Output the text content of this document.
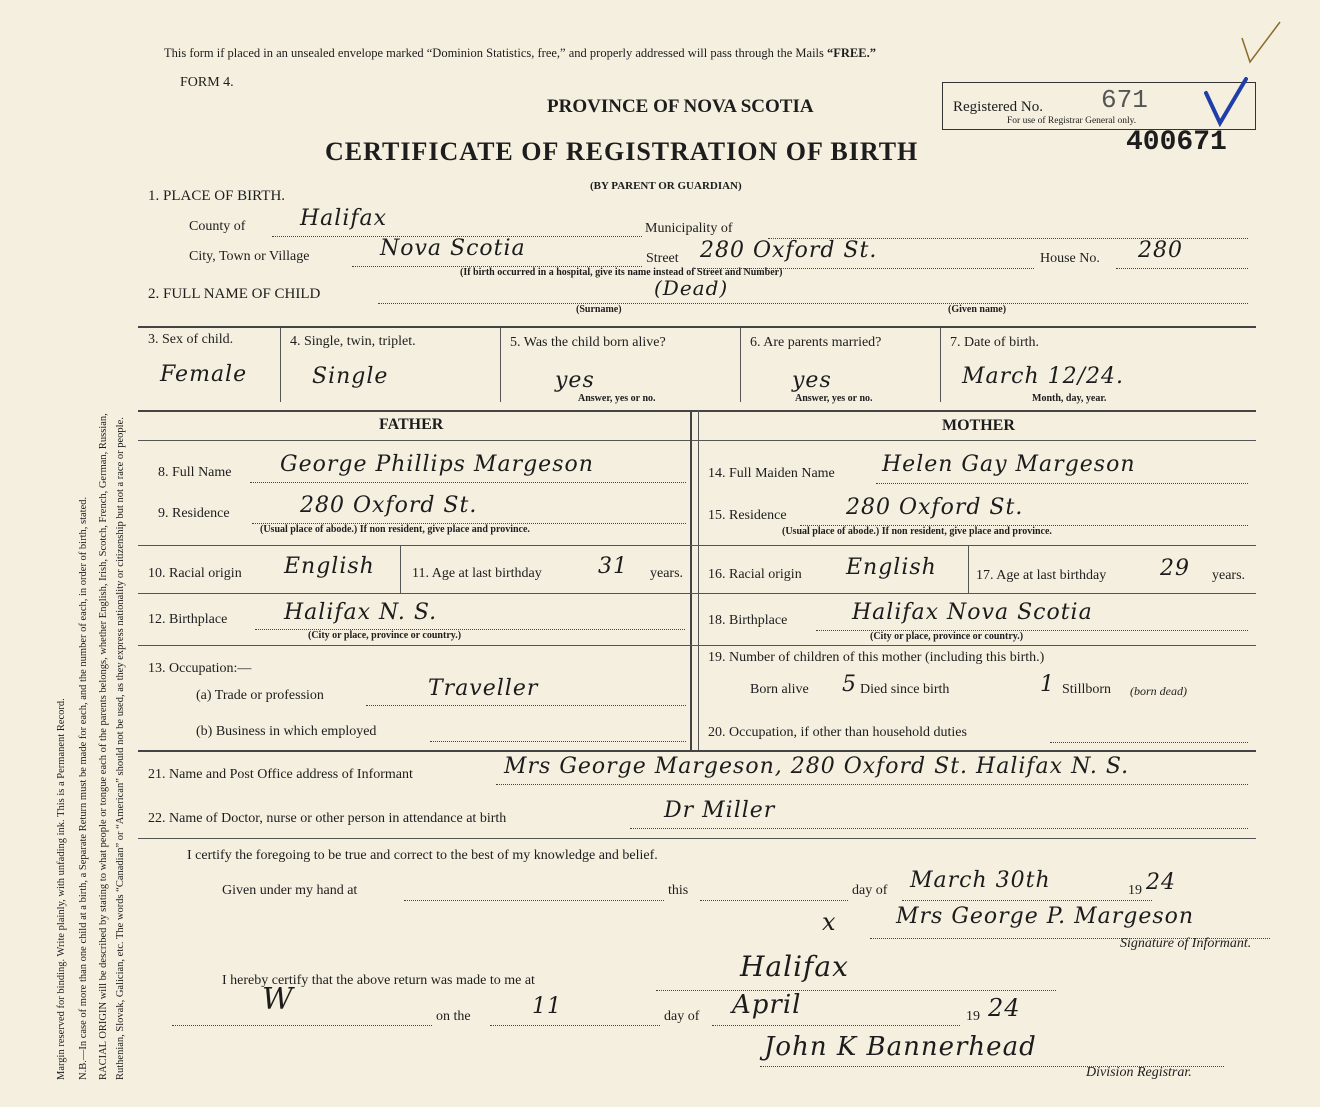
Margin reserved for binding. Write plainly, with unfading ink. This is a Permanent Record. N.B.—In case of more than one child at a birth, a Separate Return must be made for each, and the number of each, in order of birth, stated. RACIAL ORIGIN will be described by stating to what people or tongue each of the parents belongs, whether English, Irish, Scotch, French, German, Russian, Ruthenian, Slovak, Galician, etc. The words “Canadian” or “American” should not be used, as they express nationality or citizenship but not a race or people.
This form if placed in an unsealed envelope marked “Dominion Statistics, free,” and properly addressed will pass through the Mails “FREE.”
FORM 4.
PROVINCE OF NOVA SCOTIA
CERTIFICATE OF REGISTRATION OF BIRTH
(BY PARENT OR GUARDIAN)
Registered No. 671
For use of Registrar General only.
400671
1. PLACE OF BIRTH.
County of Halifax	Municipality of
City, Town or Village	Nova Scotia	Street 280 Oxford St.	House No. 280
(If birth occurred in a hospital, give its name instead of Street and Number)
2. FULL NAME OF CHILD	(Dead)
(Surname)	(Given name)
3. Sex of child.
Female
4. Single, twin, triplet.
Single
5. Was the child born alive?
yes
Answer, yes or no.
6. Are parents married?
yes
Answer, yes or no.
7. Date of birth.
March 12/24.
Month, day, year.
FATHER	MOTHER
8. Full Name George Phillips Margeson
9. Residence	280 Oxford St.
(Usual place of abode.) If non resident, give place and province.
10. Racial origin English	11. Age at last birthday	31 years.
12. Birthplace	Halifax N. S.
(City or place, province or country.)
13. Occupation:—
(a) Trade or profession	Traveller
(b) Business in which employed
14. Full Maiden Name Helen Gay Margeson
15. Residence	280 Oxford St.
(Usual place of abode.) If non resident, give place and province.
16. Racial origin English	17. Age at last birthday 29 years.
18. Birthplace	Halifax Nova Scotia
(City or place, province or country.)
19. Number of children of this mother (including this birth.)
Born alive 5 Died since birth	1 Stillborn (born dead)
20. Occupation, if other than household duties
21. Name and Post Office address of Informant	Mrs George Margeson, 280 Oxford St. Halifax N. S.
22. Name of Doctor, nurse or other person in attendance at birth	Dr Miller
I certify the foregoing to be true and correct to the best of my knowledge and belief.
Given under my hand at	this	day of March 30th	19 24
x	Mrs George P. Margeson
Signature of Informant.
I hereby certify that the above return was made to me at	Halifax
W	on the	11	day of April	19 24
John K Bannerhead
Division Registrar.
